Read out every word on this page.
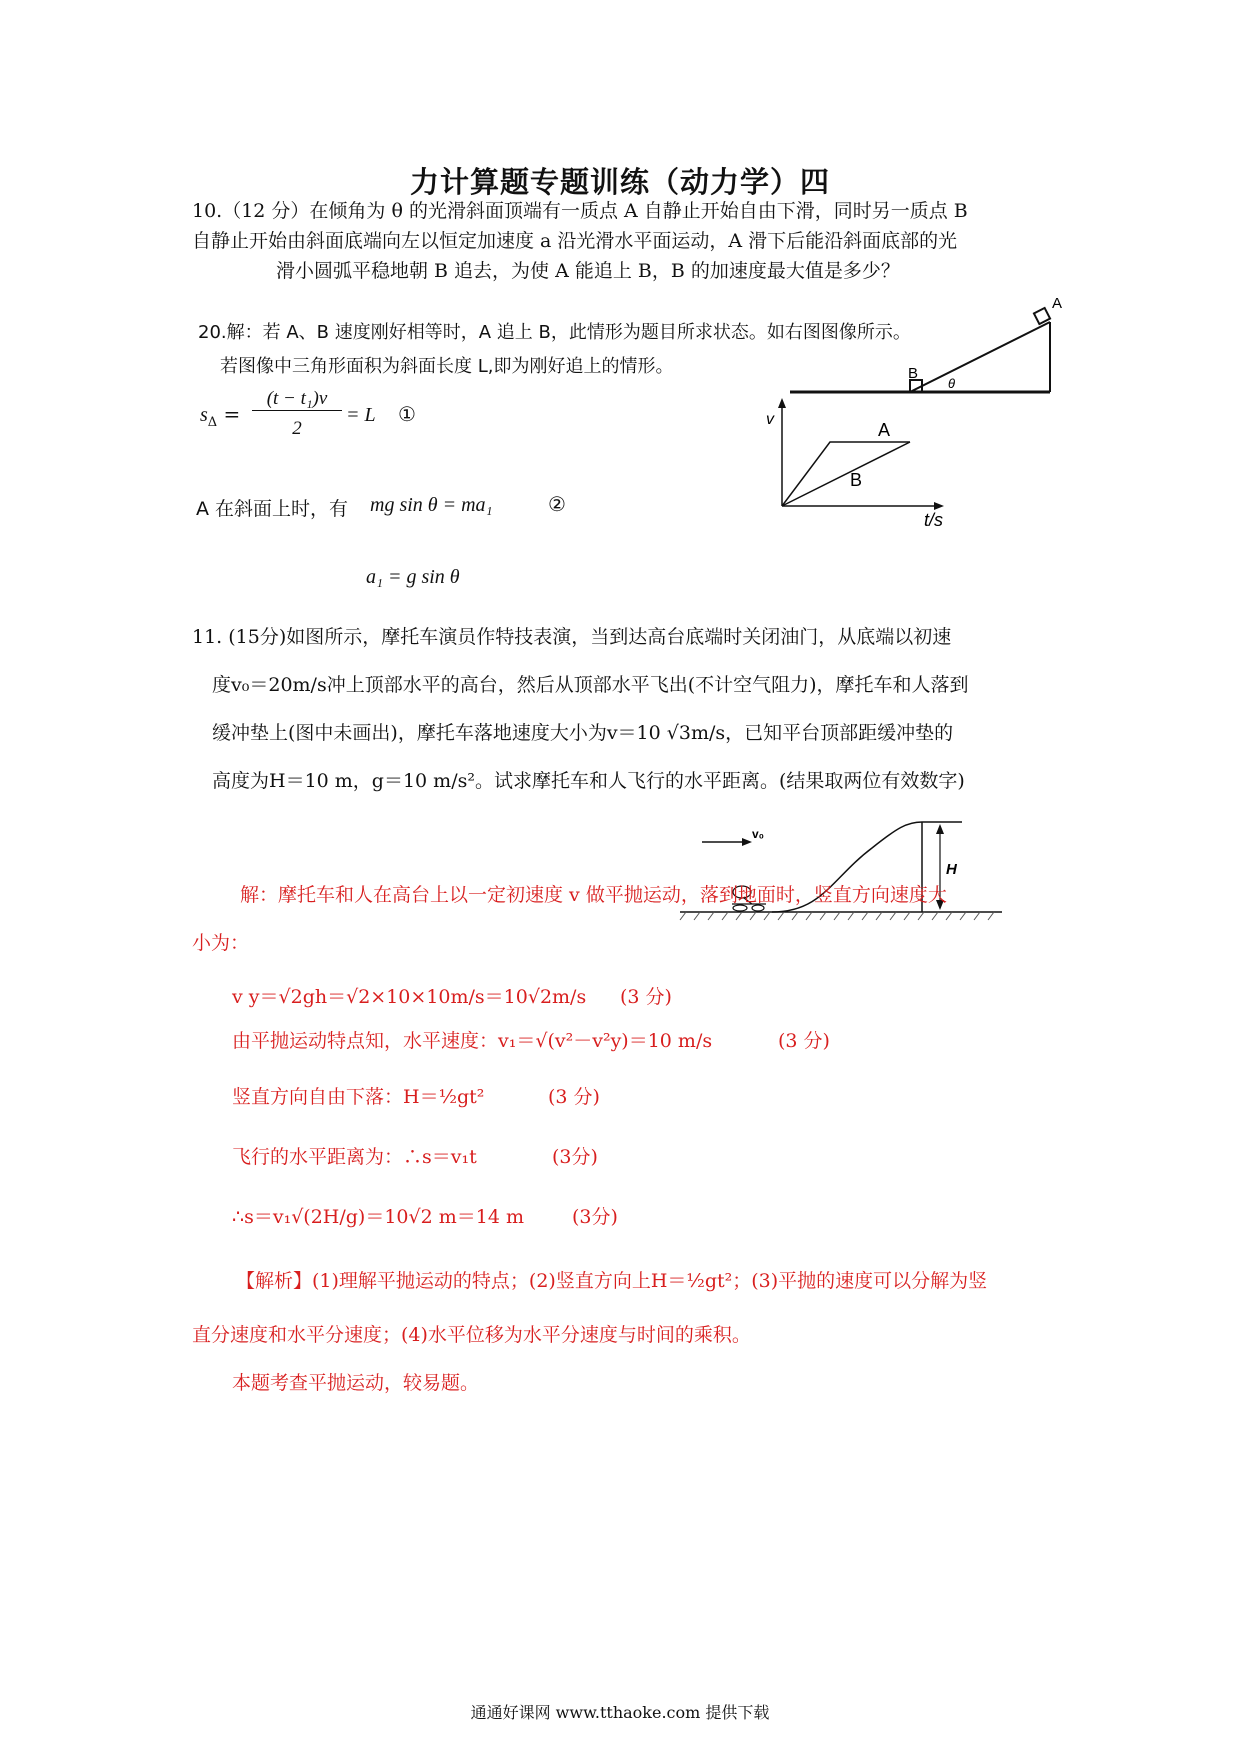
力计算题专题训练（动力学）四
10.（12 分）在倾角为 θ 的光滑斜面顶端有一质点 A 自静止开始自由下滑，同时另一质点 B
自静止开始由斜面底端向左以恒定加速度 a 沿光滑水平面运动，A 滑下后能沿斜面底部的光
滑小圆弧平稳地朝 B 追去，为使 A 能追上 B，B 的加速度最大值是多少？
20.解：若 A、B 速度刚好相等时，A 追上 B，此情形为题目所求状态。如右图图像所示。
若图像中三角形面积为斜面长度 L,即为刚好追上的情形。
$s_\Delta$ =
(t − t₁)v
2
= L ①
A 在斜面上时，有 mg sin θ = ma₁	②
a₁ = g sin θ
A
B
θ
v
A
B
t/s
11. (15分)如图所示，摩托车演员作特技表演，当到达高台底端时关闭油门，从底端以初速
度v₀＝20m/s冲上顶部水平的高台，然后从顶部水平飞出(不计空气阻力)，摩托车和人落到
缓冲垫上(图中未画出)，摩托车落地速度大小为v＝10 √3m/s，已知平台顶部距缓冲垫的
高度为H＝10 m，g＝10 m/s²。试求摩托车和人飞行的水平距离。(结果取两位有效数字)
H
v₀
解：摩托车和人在高台上以一定初速度 v 做平抛运动，落到地面时，竖直方向速度大
小为：
v y＝√2gh＝√2×10×10m/s＝10√2m/s (3 分)
由平抛运动特点知，水平速度：v₁＝√(v²－v²y)＝10 m/s	(3 分)
竖直方向自由下落：H＝½gt²	(3 分)
飞行的水平距离为：∴s＝v₁t	(3分)
∴s＝v₁√(2H/g)＝10√2 m＝14 m	(3分)
【解析】(1)理解平抛运动的特点；(2)竖直方向上H＝½gt²；(3)平抛的速度可以分解为竖
直分速度和水平分速度；(4)水平位移为水平分速度与时间的乘积。
本题考查平抛运动，较易题。
通通好课网 www.tthaoke.com 提供下载
